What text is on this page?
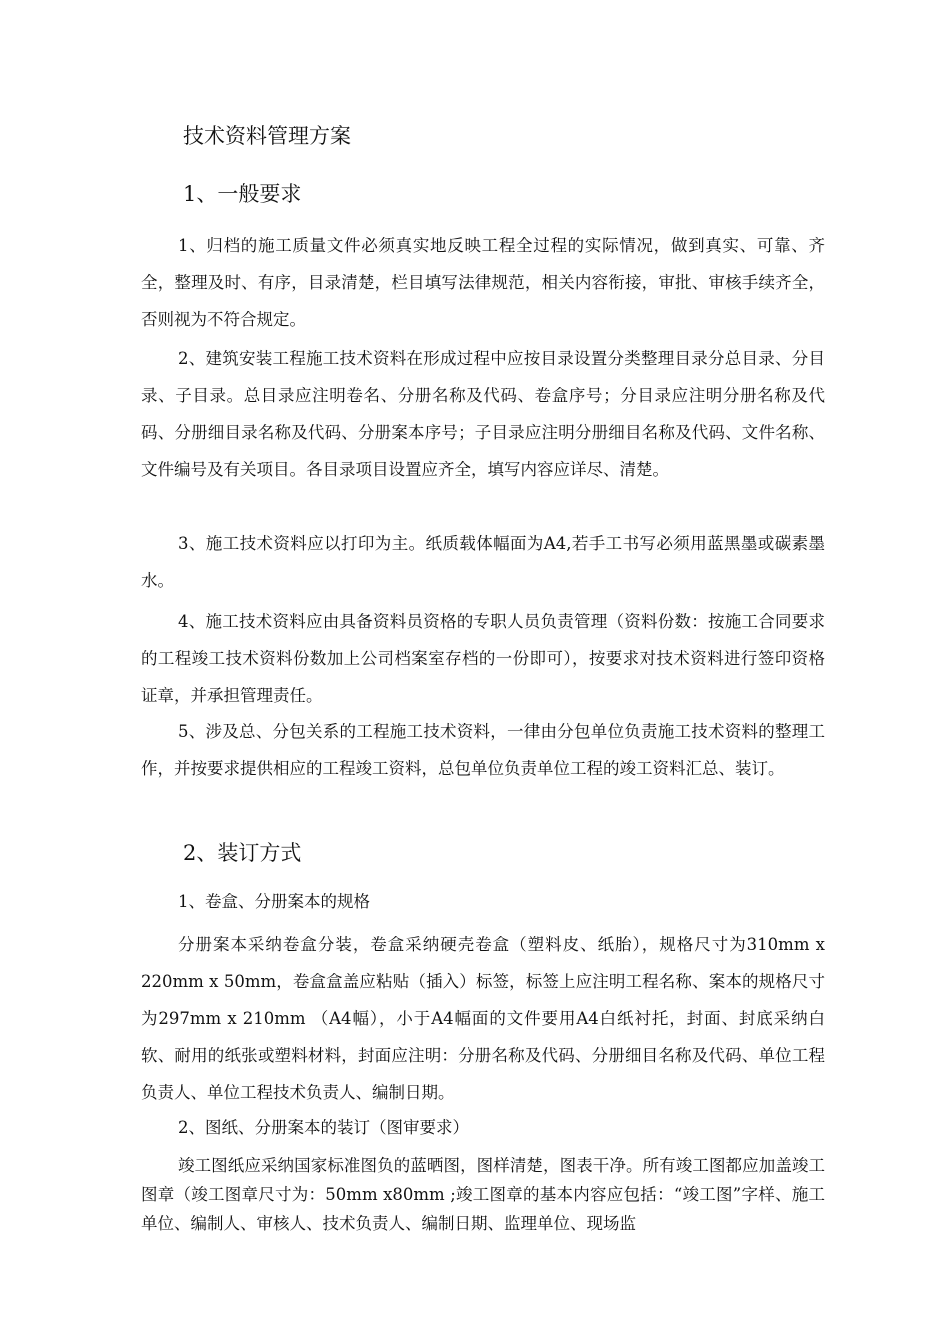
技术资料管理方案
1、一般要求

1、归档的施工质量文件必须真实地反映工程全过程的实际情况，做到真实、可靠、齐全，整理及时、有序，目录清楚，栏目填写法律规范，相关内容衔接，审批、审核手续齐全，否则视为不符合规定。

2、建筑安装工程施工技术资料在形成过程中应按目录设置分类整理目录分总目录、分目录、子目录。总目录应注明卷名、分册名称及代码、卷盒序号；分目录应注明分册名称及代码、分册细目录名称及代码、分册案本序号；子目录应注明分册细目名称及代码、文件名称、文件编号及有关项目。各目录项目设置应齐全，填写内容应详尽、清楚。

3、施工技术资料应以打印为主。纸质载体幅面为A4,若手工书写必须用蓝黑墨或碳素墨水。

4、施工技术资料应由具备资料员资格的专职人员负责管理（资料份数：按施工合同要求的工程竣工技术资料份数加上公司档案室存档的一份即可），按要求对技术资料进行签印资格证章，并承担管理责任。

5、涉及总、分包关系的工程施工技术资料，一律由分包单位负责施工技术资料的整理工作，并按要求提供相应的工程竣工资料，总包单位负责单位工程的竣工资料汇总、装订。

2、装订方式
1、卷盒、分册案本的规格

分册案本采纳卷盒分装，卷盒采纳硬壳卷盒（塑料皮、纸胎），规格尺寸为310mm x 220mm x 50mm，卷盒盒盖应粘贴（插入）标签，标签上应注明工程名称、案本的规格尺寸为297mm x 210mm （A4幅），小于A4幅面的文件要用A4白纸衬托，封面、封底采纳白软、耐用的纸张或塑料材料，封面应注明：分册名称及代码、分册细目名称及代码、单位工程负责人、单位工程技术负责人、编制日期。

2、图纸、分册案本的装订（图审要求）

竣工图纸应采纳国家标准图负的蓝晒图，图样清楚，图表干净。所有竣工图都应加盖竣工图章（竣工图章尺寸为：50mm x80mm ;竣工图章的基本内容应包括：“竣工图”字样、施工单位、编制人、审核人、技术负责人、编制日期、监理单位、现场监
